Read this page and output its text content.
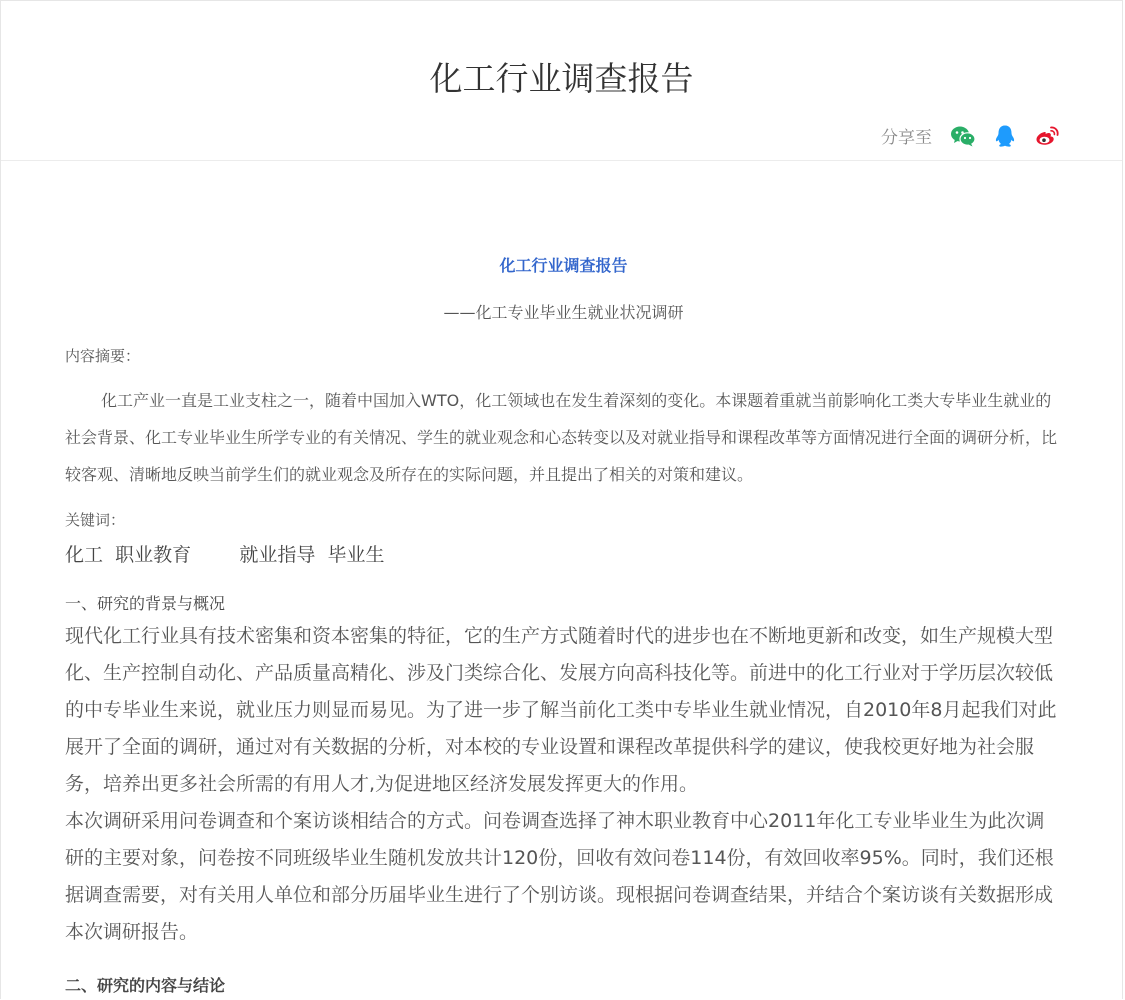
化工行业调查报告
分享至
化工行业调查报告
——化工专业毕业生就业状况调研
内容摘要：
化工产业一直是工业支柱之一，随着中国加入WTO，化工领域也在发生着深刻的变化。本课题着重就当前影响化工类大专毕业生就业的社会背景、化工专业毕业生所学专业的有关情况、学生的就业观念和心态转变以及对就业指导和课程改革等方面情况进行全面的调研分析，比较客观、清晰地反映当前学生们的就业观念及所存在的实际问题，并且提出了相关的对策和建议。
关键词：
化工  职业教育        就业指导  毕业生
一、研究的背景与概况
现代化工行业具有技术密集和资本密集的特征，它的生产方式随着时代的进步也在不断地更新和改变，如生产规模大型化、生产控制自动化、产品质量高精化、涉及门类综合化、发展方向高科技化等。前进中的化工行业对于学历层次较低的中专毕业生来说，就业压力则显而易见。为了进一步了解当前化工类中专毕业生就业情况，自2010年8月起我们对此展开了全面的调研，通过对有关数据的分析，对本校的专业设置和课程改革提供科学的建议，使我校更好地为社会服务，培养出更多社会所需的有用人才,为促进地区经济发展发挥更大的作用。
本次调研采用问卷调查和个案访谈相结合的方式。问卷调查选择了神木职业教育中心2011年化工专业毕业生为此次调研的主要对象，问卷按不同班级毕业生随机发放共计120份，回收有效问卷114份，有效回收率95%。同时，我们还根据调查需要，对有关用人单位和部分历届毕业生进行了个别访谈。现根据问卷调查结果，并结合个案访谈有关数据形成本次调研报告。
二、研究的内容与结论
